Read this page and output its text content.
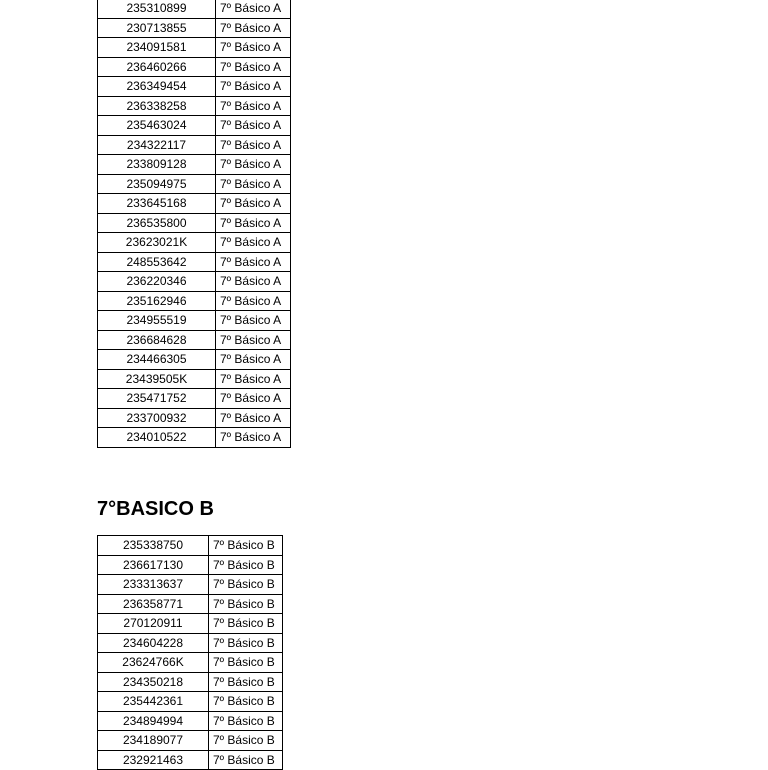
235310899	7º Básico A
230713855	7º Básico A
234091581	7º Básico A
236460266	7º Básico A
236349454	7º Básico A
236338258	7º Básico A
235463024	7º Básico A
234322117	7º Básico A
233809128	7º Básico A
235094975	7º Básico A
233645168	7º Básico A
236535800	7º Básico A
23623021K	7º Básico A
248553642	7º Básico A
236220346	7º Básico A
235162946	7º Básico A
234955519	7º Básico A
236684628	7º Básico A
234466305	7º Básico A
23439505K	7º Básico A
235471752	7º Básico A
233700932	7º Básico A
234010522	7º Básico A
7°BASICO B
235338750	7º Básico B
236617130	7º Básico B
233313637	7º Básico B
236358771	7º Básico B
270120911	7º Básico B
234604228	7º Básico B
23624766K	7º Básico B
234350218	7º Básico B
235442361	7º Básico B
234894994	7º Básico B
234189077	7º Básico B
232921463	7º Básico B
